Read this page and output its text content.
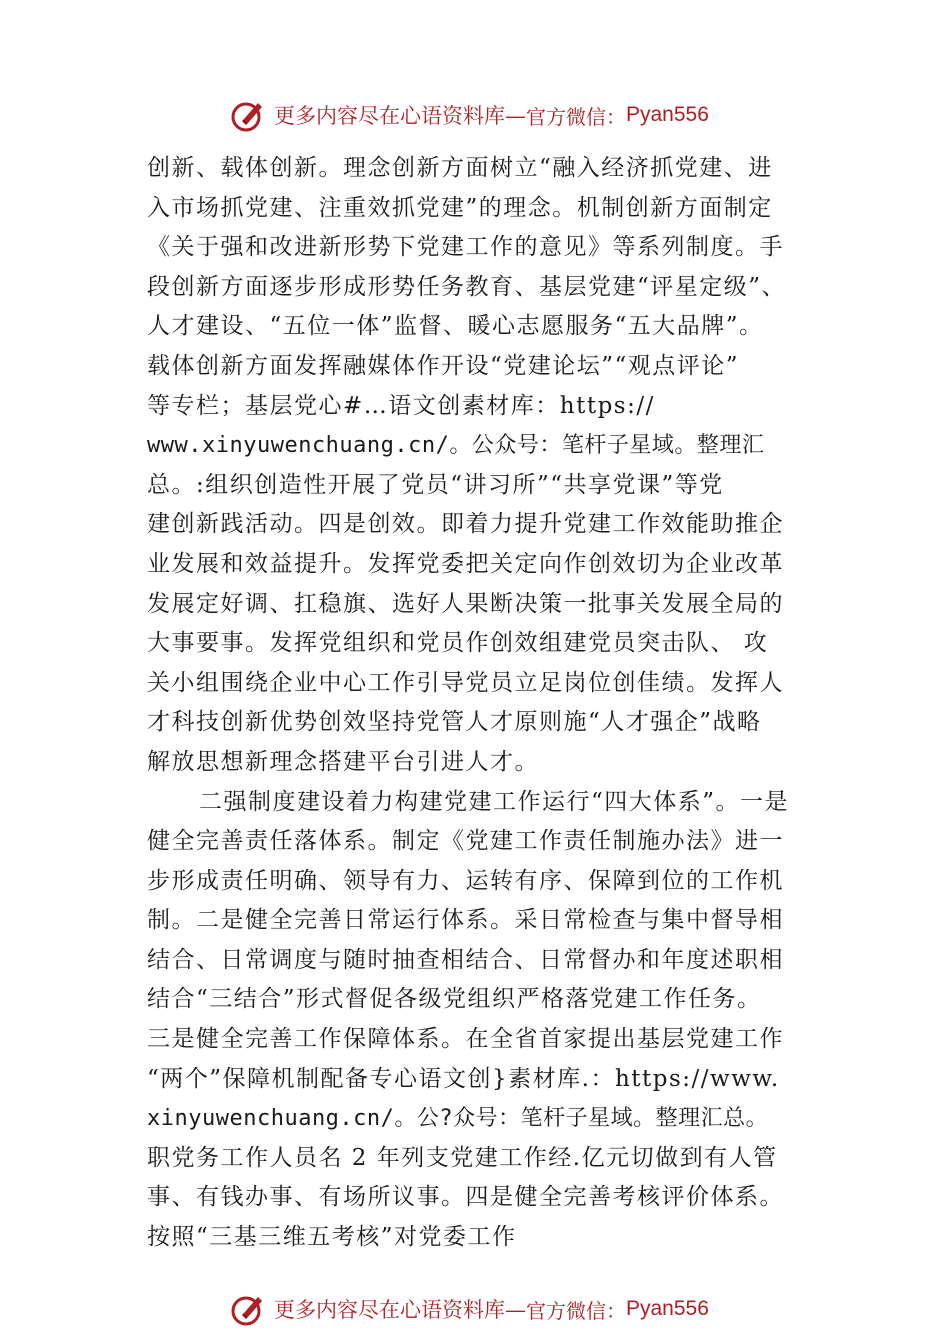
更多内容尽在心语资料库— 官方微信： Pyan556
创新、载体创新。理念创新方面树立“融入经济抓党建、进
入市场抓党建、注重效抓党建”的理念。机制创新方面制定
《关于强和改进新形势下党建工作的意见》等系列制度。手
段创新方面逐步形成形势任务教育、基层党建“评星定级”、
人才建设、“五位一体”监督、暖心志愿服务“五大品牌”。
载体创新方面发挥融媒体作开设“党建论坛”“观点评论”
等专栏；基层党心#…语文创素材库：https://
www.xinyuwenchuang.cn/。公众号：笔杆子星域。整理汇
总。:组织创造性开展了党员“讲习所”“共享党课”等党
建创新践活动。四是创效。即着力提升党建工作效能助推企
业发展和效益提升。发挥党委把关定向作创效切为企业改革
发展定好调、扛稳旗、选好人果断决策一批事关发展全局的
大事要事。发挥党组织和党员作创效组建党员突击队、 攻
关小组围绕企业中心工作引导党员立足岗位创佳绩。发挥人
才科技创新优势创效坚持党管人才原则施“人才强企”战略
解放思想新理念搭建平台引进人才。
二强制度建设着力构建党建工作运行“四大体系”。一是
健全完善责任落体系。制定《党建工作责任制施办法》进一
步形成责任明确、领导有力、运转有序、保障到位的工作机
制。二是健全完善日常运行体系。采日常检查与集中督导相
结合、日常调度与随时抽查相结合、日常督办和年度述职相
结合“三结合”形式督促各级党组织严格落党建工作任务。
三是健全完善工作保障体系。在全省首家提出基层党建工作
“两个”保障机制配备专心语文创}素材库.：https://www.
xinyuwenchuang.cn/。公?众号：笔杆子星域。整理汇总。
职党务工作人员名 2 年列支党建工作经.亿元切做到有人管
事、有钱办事、有场所议事。四是健全完善考核评价体系。
按照“三基三维五考核”对党委工作
更多内容尽在心语资料库— 官方微信： Pyan556
